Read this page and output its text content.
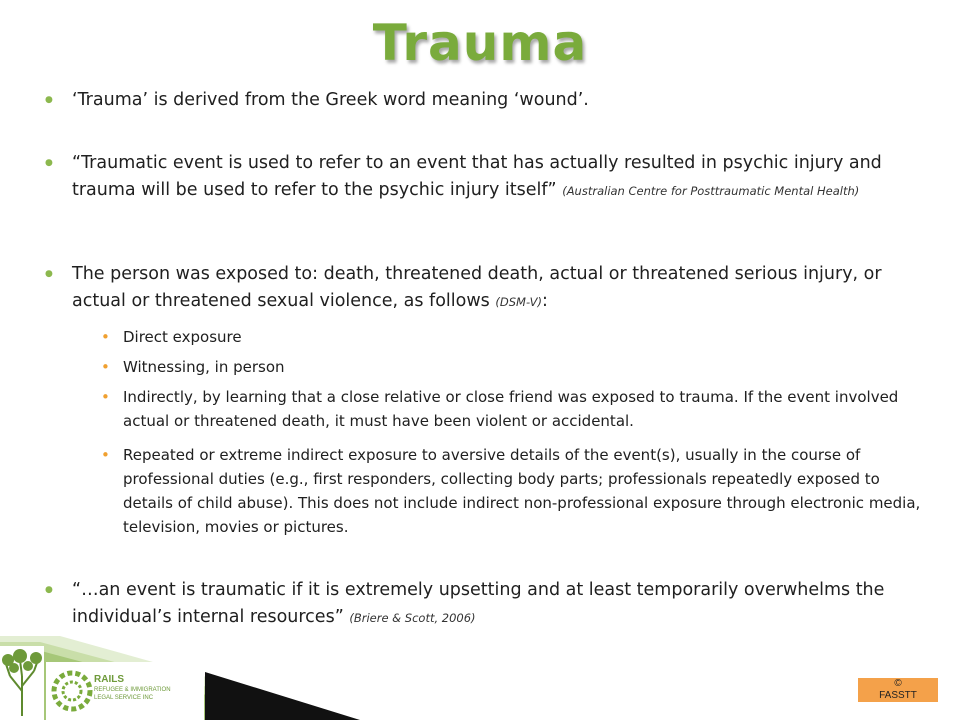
Trauma
● ‘Trauma’ is derived from the Greek word meaning ‘wound’.
● “Traumatic event is used to refer to an event that has actually resulted in psychic injury and trauma will be used to refer to the psychic injury itself” (Australian Centre for Posttraumatic Mental Health)
● The person was exposed to: death, threatened death, actual or threatened serious injury, or actual or threatened sexual violence, as follows (DSM-V):
• Direct exposure
• Witnessing, in person
• Indirectly, by learning that a close relative or close friend was exposed to trauma. If the event involved actual or threatened death, it must have been violent or accidental.
• Repeated or extreme indirect exposure to aversive details of the event(s), usually in the course of professional duties (e.g., first responders, collecting body parts; professionals repeatedly exposed to details of child abuse). This does not include indirect non-professional exposure through electronic media, television, movies or pictures.
● “…an event is traumatic if it is extremely upsetting and at least temporarily overwhelms the individual’s internal resources” (Briere & Scott, 2006)
RAILS
REFUGEE & IMMIGRATION
LEGAL SERVICE INC
©
FASSTT
